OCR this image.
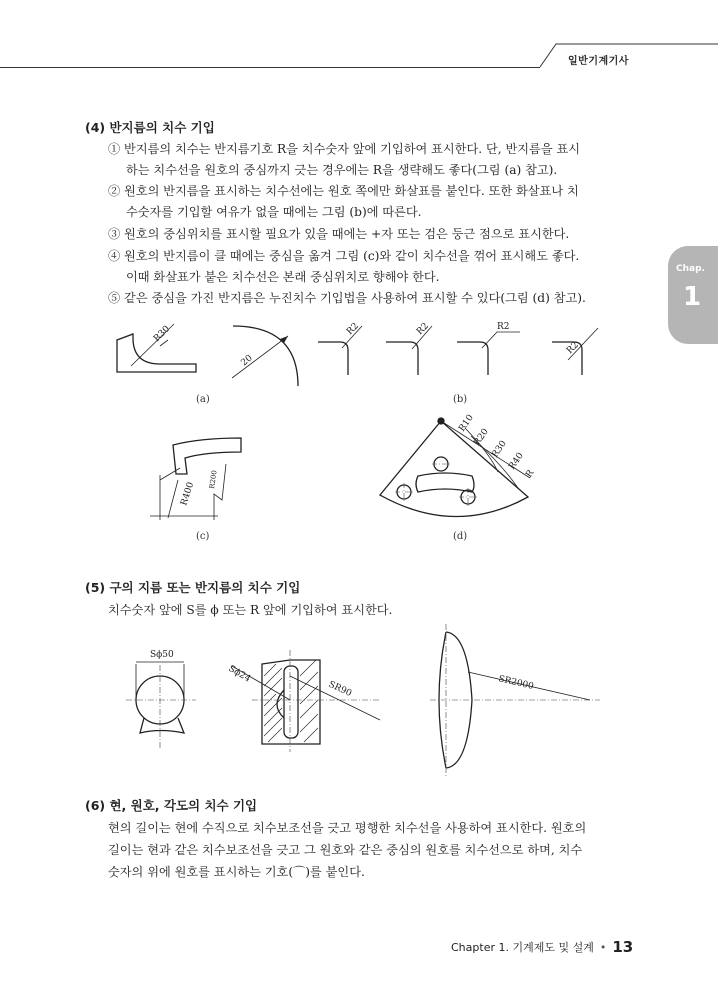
일반기계기사
Chap.
1
(4) 반지름의 치수 기입
① 반지름의 치수는 반지름기호 R을 치수숫자 앞에 기입하여 표시한다. 단, 반지름을 표시
하는 치수선을 원호의 중심까지 긋는 경우에는 R을 생략해도 좋다(그림 (a) 참고).
② 원호의 반지름을 표시하는 치수선에는 원호 쪽에만 화살표를 붙인다. 또한 화살표나 치
수숫자를 기입할 여유가 없을 때에는 그림 (b)에 따른다.
③ 원호의 중심위치를 표시할 필요가 있을 때에는 +자 또는 검은 둥근 점으로 표시한다.
④ 원호의 반지름이 클 때에는 중심을 옮겨 그림 (c)와 같이 치수선을 꺾어 표시해도 좋다.
이때 화살표가 붙은 치수선은 본래 중심위치로 향해야 한다.
⑤ 같은 중심을 가진 반지름은 누진치수 기입법을 사용하여 표시할 수 있다(그림 (d) 참고).
R30
20
R2	R2	R2
R2
(a)	(b)
R400
R200
R10
R20
R30
R40
R
(c)	(d)
(5) 구의 지름 또는 반지름의 치수 기입
치수숫자 앞에 S를 ϕ 또는 R 앞에 기입하여 표시한다.
Sϕ50
Sϕ24
SR90	SR2000
(6) 현, 원호, 각도의 치수 기입
현의 길이는 현에 수직으로 치수보조선을 긋고 평행한 치수선을 사용하여 표시한다. 원호의
길이는 현과 같은 치수보조선을 긋고 그 원호와 같은 중심의 원호를 치수선으로 하며, 치수
숫자의 위에 원호를 표시하는 기호(⌒)를 붙인다.
Chapter 1. 기계제도 및 설계 • 13
